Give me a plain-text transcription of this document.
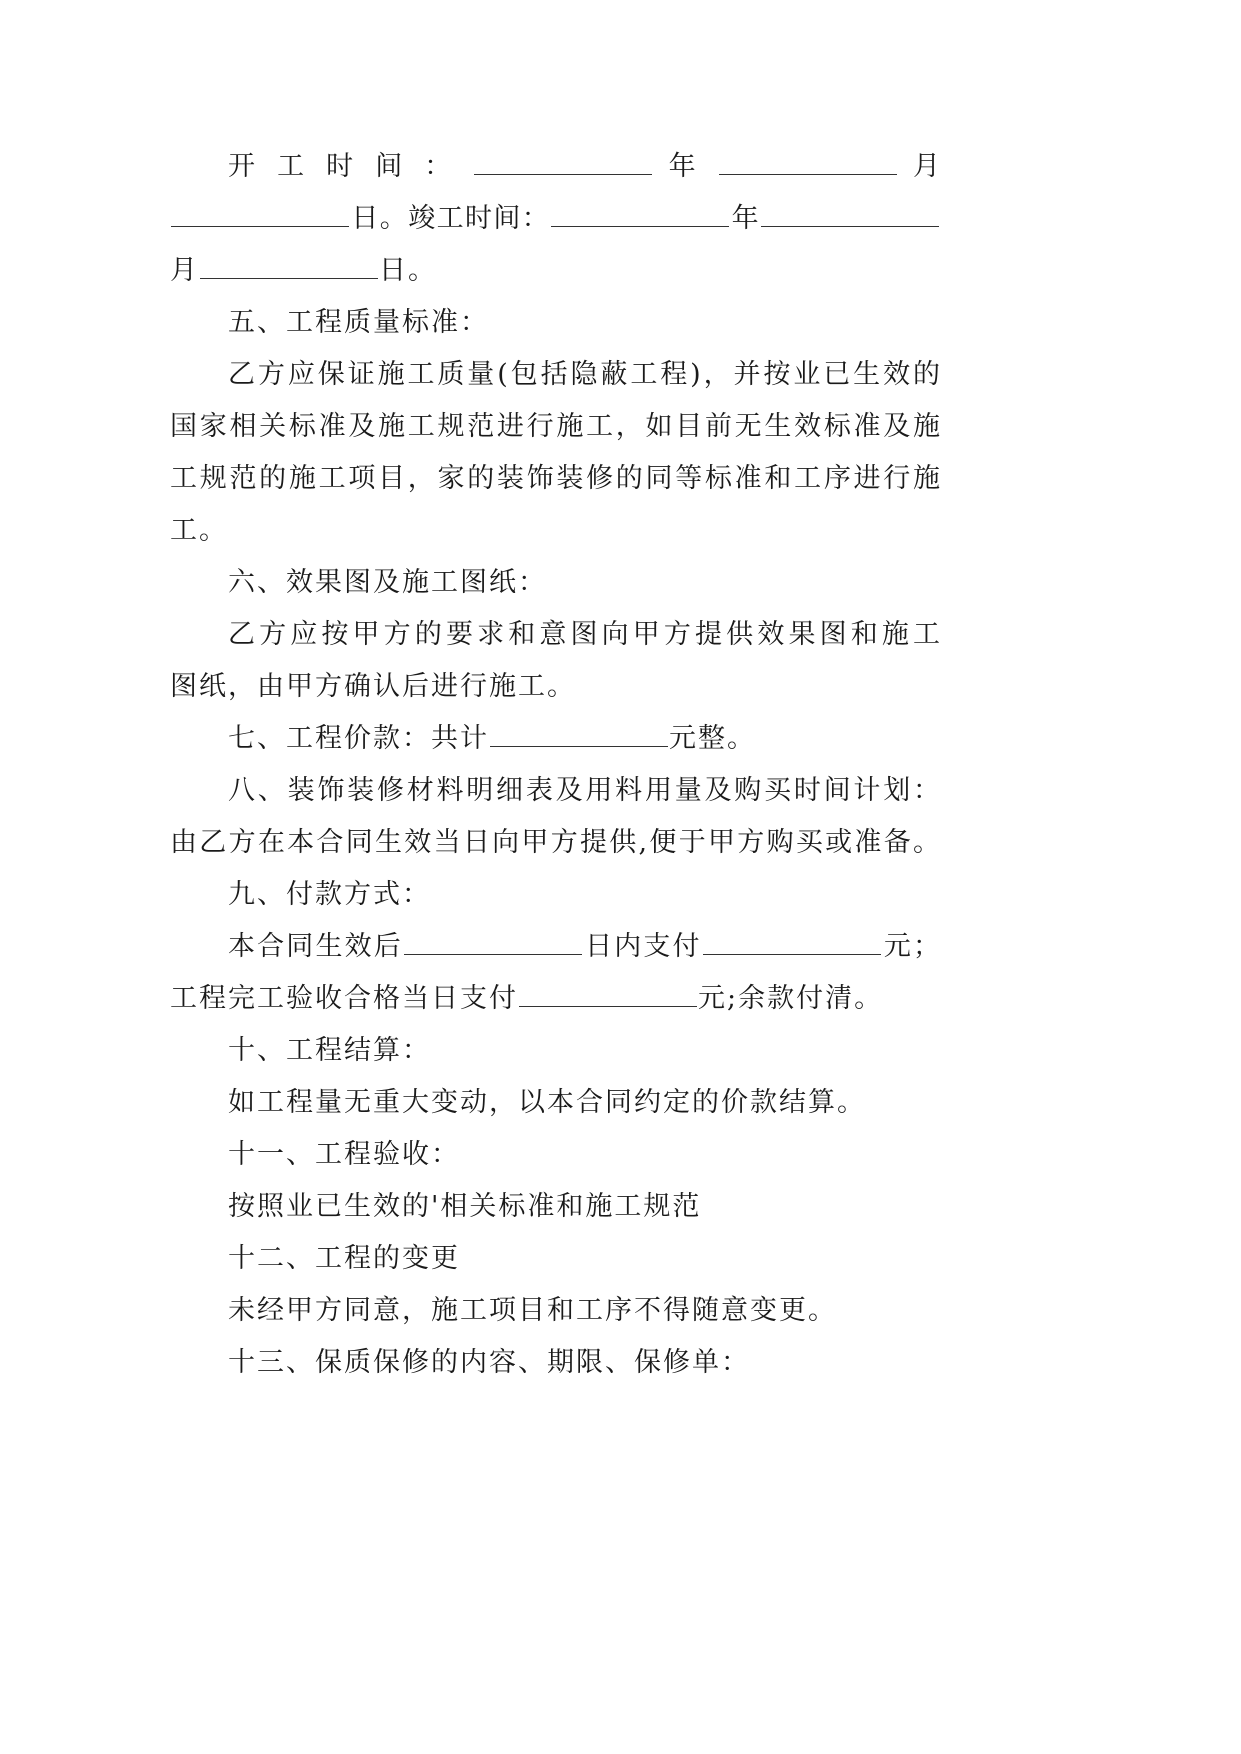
开 工 时 间 ：	年	月
日。竣工时间：	年
月	日。
五、工程质量标准：
乙方应保证施工质量(包括隐蔽工程)，并按业已生效的
国家相关标准及施工规范进行施工，如目前无生效标准及施
工规范的施工项目，家的装饰装修的同等标准和工序进行施
工。
六、效果图及施工图纸：
乙方应按甲方的要求和意图向甲方提供效果图和施工
图纸，由甲方确认后进行施工。
七、工程价款：共计	元整。
八、装饰装修材料明细表及用料用量及购买时间计划：
由乙方在本合同生效当日向甲方提供,便于甲方购买或准备。
九、付款方式：
本合同生效后	日内支付	元；
工程完工验收合格当日支付	元;余款付清。
十、工程结算：
如工程量无重大变动，以本合同约定的价款结算。
十一、工程验收：
按照业已生效的'相关标准和施工规范
十二、工程的变更
未经甲方同意，施工项目和工序不得随意变更。
十三、保质保修的内容、期限、保修单：
